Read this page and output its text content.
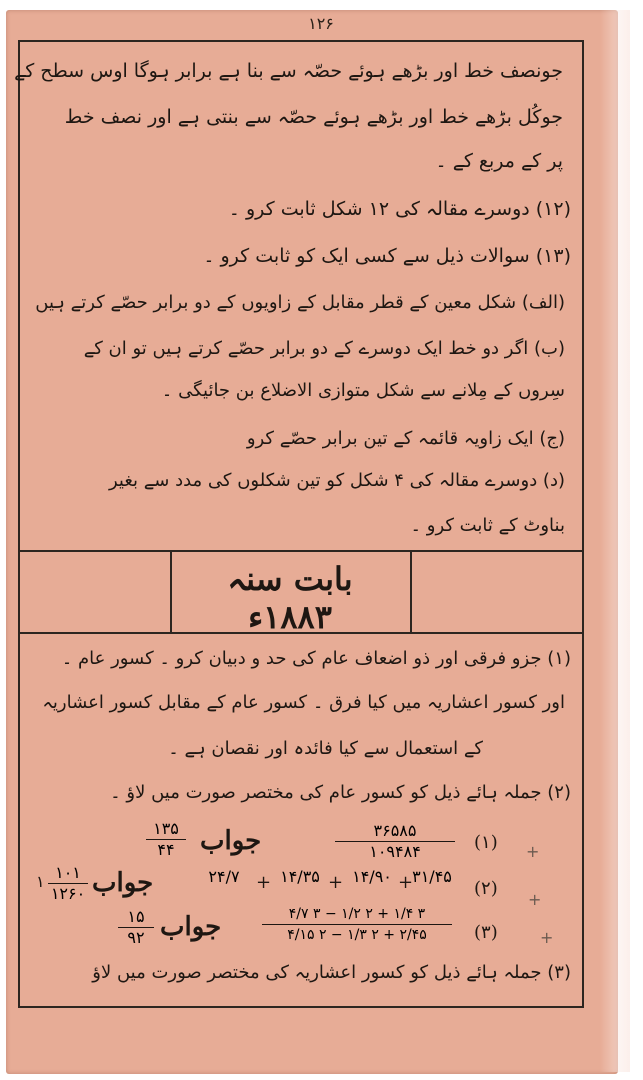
۱۲۶
جونصف خط اور بڑھے ہوئے حصّہ سے بنا ہے برابر ہوگا اوس سطح کے
جوکُل بڑھے خط اور بڑھے ہوئے حصّہ سے بنتی ہے اور نصف خط
پر کے مربع کے ۔
(۱۲) دوسرے مقالہ کی ۱۲ شکل ثابت کرو ۔
(۱۳) سوالات ذیل سے کسی ایک کو ثابت کرو ۔
(الف) شکل معین کے قطر مقابل کے زاویوں کے دو برابر حصّے کرتے ہیں
(ب) اگر دو خط ایک دوسرے کے دو برابر حصّے کرتے ہیں تو ان کے
سِروں کے مِلانے سے شکل متوازی الاضلاع بن جائیگی ۔
(ج) ایک زاویہ قائمہ کے تین برابر حصّے کرو
(د) دوسرے مقالہ کی ۴ شکل کو تین شکلوں کی مدد سے بغیر
بناوٹ کے ثابت کرو ۔
بابت سنہ ۱۸۸۳ء
(۱) جزو فرقی اور ذو اضعاف عام کی حد و دبیان کرو ۔ کسور عام ۔
اور کسور اعشاریہ میں کیا فرق ۔ کسور عام کے مقابل کسور اعشاریہ
کے استعمال سے کیا فائدہ اور نقصان ہے ۔
(۲) جملہ ہائے ذیل کو کسور عام کی مختصر صورت میں لاؤ ۔
(۱)
۳۶۵۸۵
۱۰۹۴۸۴
جواب
۱۳۵
۴۴	+
(۲)
۳۱/۴۵
۱۴/۹۰
۱۴/۳۵
۲۴/۷	+
+
+
جواب
۱ ۱۰۱
۱۲۶۰	+
(۳)
۴/۷ ۳ − ۱/۲ ۲ + ۱/۴ ۳
۴/۱۵ ۲ − ۱/۳ ۲ + ۲/۴۵
جواب
۱۵
۹۲	+
(۳) جملہ ہائے ذیل کو کسور اعشاریہ کی مختصر صورت میں لاؤ
